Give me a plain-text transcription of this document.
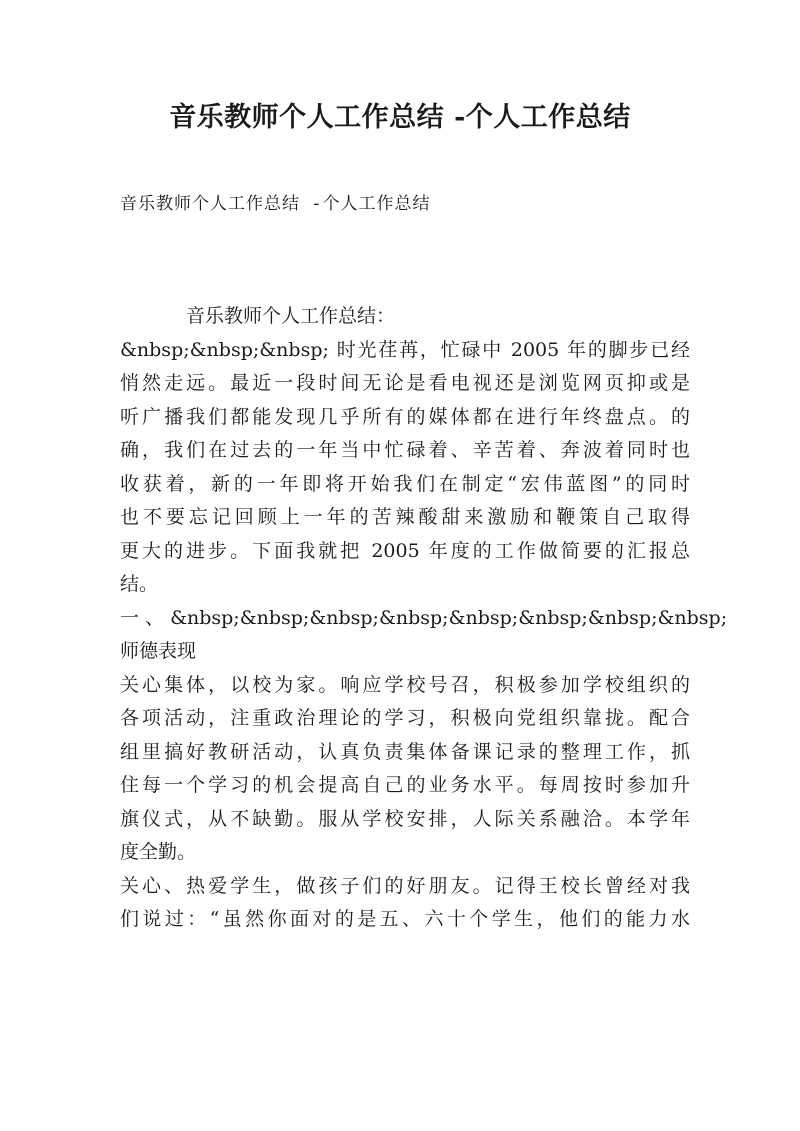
音乐教师个人工作总结 -个人工作总结
音乐教师个人工作总结 -个人工作总结
音乐教师个人工作总结：
&nbsp;&nbsp;&nbsp; 时光荏苒，忙碌中 2005 年的脚步已经
悄然走远。最近一段时间无论是看电视还是浏览网页抑或是
听广播我们都能发现几乎所有的媒体都在进行年终盘点。的
确，我们在过去的一年当中忙碌着、辛苦着、奔波着同时也
收获着，新的一年即将开始我们在制定“宏伟蓝图”的同时
也不要忘记回顾上一年的苦辣酸甜来激励和鞭策自己取得
更大的进步。下面我就把 2005 年度的工作做简要的汇报总
结。
一 、 &nbsp;&nbsp;&nbsp;&nbsp;&nbsp;&nbsp;&nbsp;&nbsp;
师德表现
关心集体，以校为家。响应学校号召，积极参加学校组织的
各项活动，注重政治理论的学习，积极向党组织靠拢。配合
组里搞好教研活动，认真负责集体备课记录的整理工作，抓
住每一个学习的机会提高自己的业务水平。每周按时参加升
旗仪式，从不缺勤。服从学校安排，人际关系融洽。本学年
度全勤。
关心、热爱学生，做孩子们的好朋友。记得王校长曾经对我
们说过：“虽然你面对的是五、六十个学生，他们的能力水
